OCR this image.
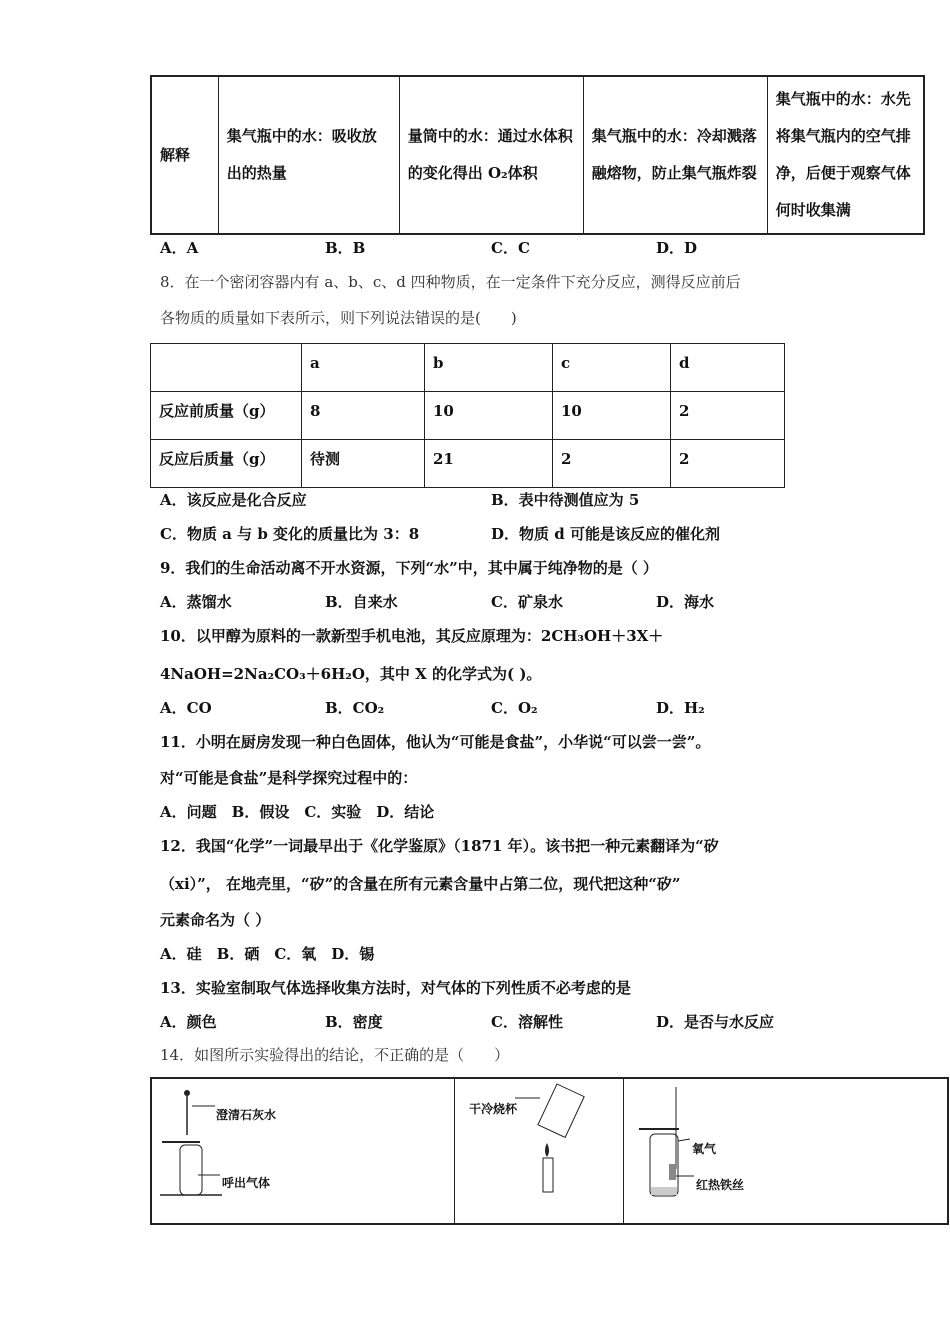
解释	集气瓶中的水：吸收放出的热量	量筒中的水：通过水体积的变化得出 O₂体积	集气瓶中的水：冷却溅落融熔物，防止集气瓶炸裂	集气瓶中的水：水先将集气瓶内的空气排净，后便于观察气体何时收集满
A．A	B．B	C．C	D．D
8．在一个密闭容器内有 a、b、c、d 四种物质，在一定条件下充分反应，测得反应前后
各物质的质量如下表所示，则下列说法错误的是(　　)
	a	b	c	d
反应前质量（g）	8	10	10	2
反应后质量（g）	待测	21	2	2
A．该反应是化合反应	B．表中待测值应为 5
C．物质 a 与 b 变化的质量比为 3：8	D．物质 d 可能是该反应的催化剂
9．我们的生命活动离不开水资源，下列“水”中，其中属于纯净物的是（ ）
A．蒸馏水	B．自来水	C．矿泉水	D．海水
10．以甲醇为原料的一款新型手机电池，其反应原理为：2CH₃OH＋3X＋
4NaOH=2Na₂CO₃＋6H₂O，其中 X 的化学式为( )。
A．CO	B．CO₂	C．O₂	D．H₂
11．小明在厨房发现一种白色固体，他认为“可能是食盐”，小华说“可以尝一尝”。
对“可能是食盐”是科学探究过程中的：
A．问题　B．假设　C．实验　D．结论
12．我国“化学”一词最早出于《化学鉴原》（1871 年）。该书把一种元素翻译为“矽
（xi）”， 在地壳里，“矽”的含量在所有元素含量中占第二位，现代把这种“矽”
元素命名为（ ）
A．硅　B．硒　C．氧　D．锡
13．实验室制取气体选择收集方法时，对气体的下列性质不必考虑的是
A．颜色	B．密度	C．溶解性	D．是否与水反应
14．如图所示实验得出的结论，不正确的是（　　）
澄清石灰水
呼出气体

干冷烧杯

氧气
红热铁丝
